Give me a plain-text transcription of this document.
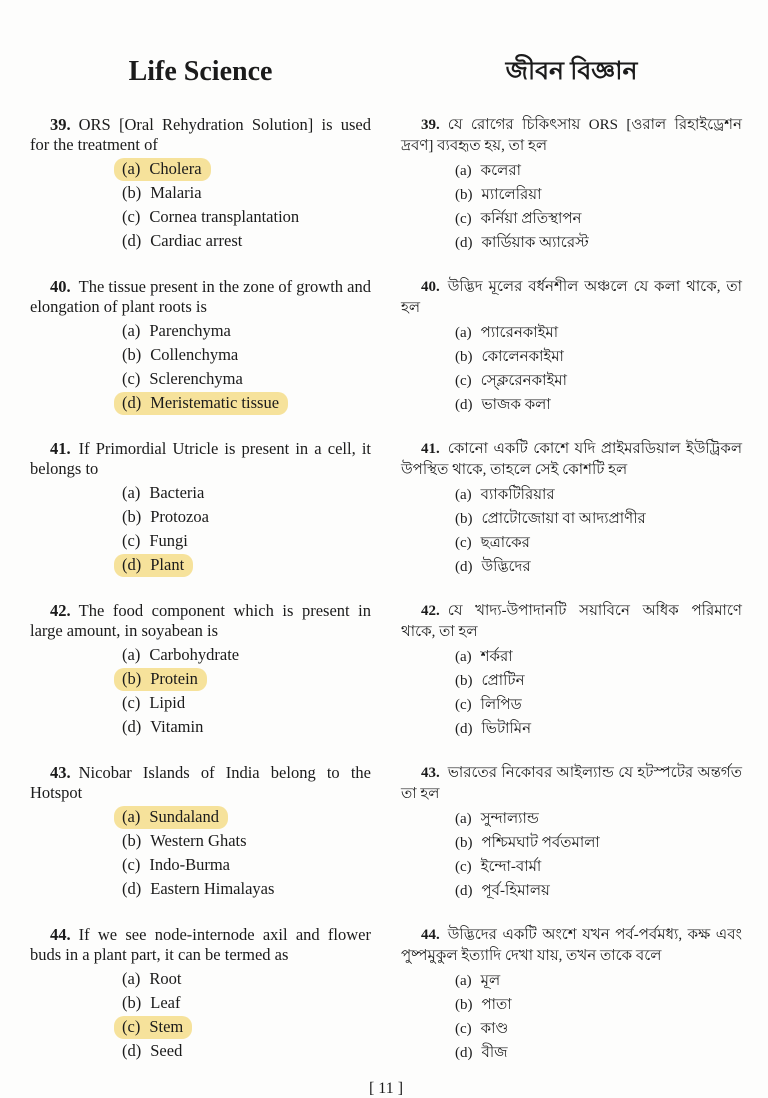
Life Science	জীবন বিজ্ঞান

39. ORS [Oral Rehydration Solution] is used for the treatment of

(a) Cholera
(b) Malaria
(c) Cornea transplantation
(d) Cardiac arrest

39. যে রোগের চিকিৎসায় ORS [ওরাল রিহাইড্রেশন দ্রবণ] ব্যবহৃত হয়, তা হল

(a) কলেরা
(b) ম্যালেরিয়া
(c) কর্নিয়া প্রতিস্থাপন
(d) কার্ডিয়াক অ্যারেস্ট

40. The tissue present in the zone of growth and elongation of plant roots is

(a) Parenchyma
(b) Collenchyma
(c) Sclerenchyma
(d) Meristematic tissue

40. উদ্ভিদ মূলের বর্ধনশীল অঞ্চলে যে কলা থাকে, তা হল

(a) প্যারেনকাইমা
(b) কোলেনকাইমা
(c) স্ক্লেরেনকাইমা
(d) ভাজক কলা

41. If Primordial Utricle is present in a cell, it belongs to

(a) Bacteria
(b) Protozoa
(c) Fungi
(d) Plant

41. কোনো একটি কোশে যদি প্রাইমরডিয়াল ইউট্রিকল উপস্থিত থাকে, তাহলে সেই কোশটি হল

(a) ব্যাকটিরিয়ার
(b) প্রোটোজোয়া বা আদ্যপ্রাণীর
(c) ছত্রাকের
(d) উদ্ভিদের

42. The food component which is present in large amount, in soyabean is

(a) Carbohydrate
(b) Protein
(c) Lipid
(d) Vitamin

42. যে খাদ্য-উপাদানটি সয়াবিনে অধিক পরিমাণে থাকে, তা হল

(a) শর্করা
(b) প্রোটিন
(c) লিপিড
(d) ভিটামিন

43. Nicobar Islands of India belong to the Hotspot

(a) Sundaland
(b) Western Ghats
(c) Indo-Burma
(d) Eastern Himalayas

43. ভারতের নিকোবর আইল্যান্ড যে হটস্পটের অন্তর্গত তা হল

(a) সুন্দাল্যান্ড
(b) পশ্চিমঘাট পর্বতমালা
(c) ইন্দো-বার্মা
(d) পূর্ব-হিমালয়

44. If we see node-internode axil and flower buds in a plant part, it can be termed as

(a) Root
(b) Leaf
(c) Stem
(d) Seed

44. উদ্ভিদের একটি অংশে যখন পর্ব-পর্বমধ্য, কক্ষ এবং পুষ্পমুকুল ইত্যাদি দেখা যায়, তখন তাকে বলে

(a) মূল
(b) পাতা
(c) কাণ্ড
(d) বীজ
[ 11 ]
